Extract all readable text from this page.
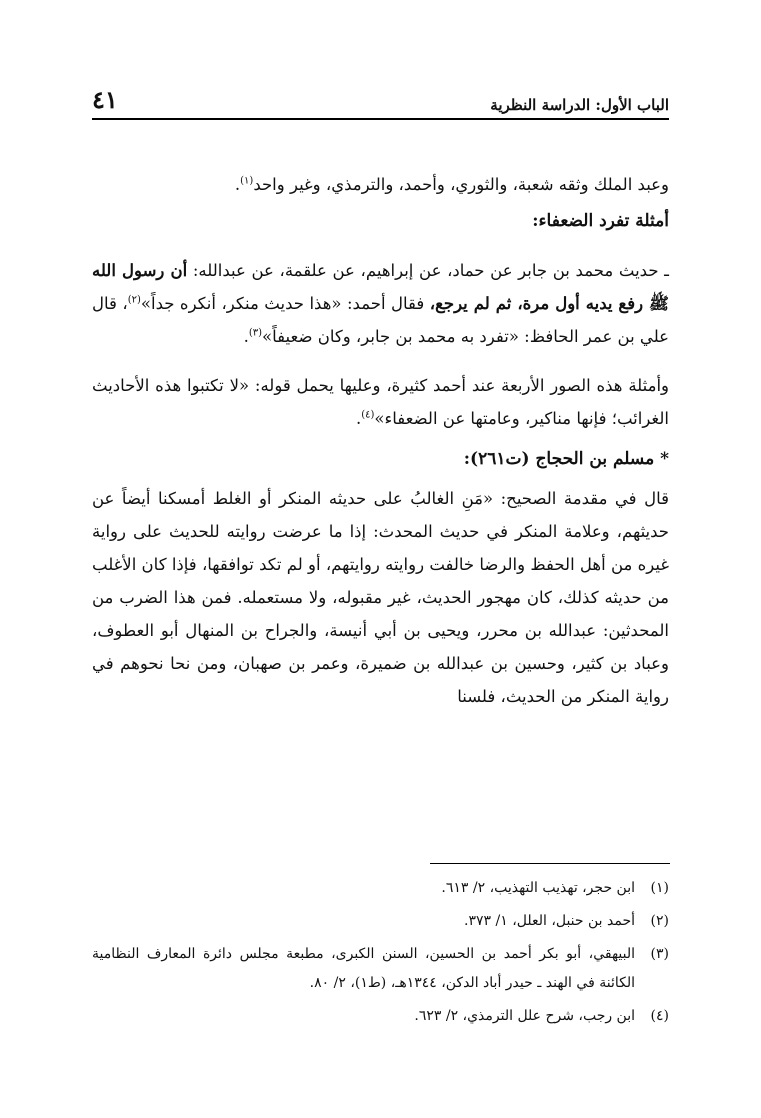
الباب الأول: الدراسة النظرية
٤١

وعبد الملك وثقه شعبة، والثوري، وأحمد، والترمذي، وغير واحد$^{(١)}$.

أمثلة تفرد الضعفاء:

ـ حديث محمد بن جابر عن حماد، عن إبراهيم، عن علقمة، عن عبدالله: أن رسول الله ﷺ رفع يديه أول مرة، ثم لم يرجع، فقال أحمد: «هذا حديث منكر، أنكره جداً»$^{(٢)}$، قال علي بن عمر الحافظ: «تفرد به محمد بن جابر، وكان ضعيفاً»$^{(٣)}$.

وأمثلة هذه الصور الأربعة عند أحمد كثيرة، وعليها يحمل قوله: «لا تكتبوا هذه الأحاديث الغرائب؛ فإنها مناكير، وعامتها عن الضعفاء»$^{(٤)}$.

* مسلم بن الحجاج (ت٢٦١):

قال في مقدمة الصحيح: «مَنِ الغالبُ على حديثه المنكر أو الغلط أمسكنا أيضاً عن حديثهم، وعلامة المنكر في حديث المحدث: إذا ما عرضت روايته للحديث على رواية غيره من أهل الحفظ والرضا خالفت روايته روايتهم، أو لم تكد توافقها، فإذا كان الأغلب من حديثه كذلك، كان مهجور الحديث، غير مقبوله، ولا مستعمله. فمن هذا الضرب من المحدثين: عبدالله بن محرر، ويحيى بن أبي أنيسة، والجراح بن المنهال أبو العطوف، وعباد بن كثير، وحسين بن عبدالله بن ضميرة، وعمر بن صهبان، ومن نحا نحوهم في رواية المنكر من الحديث، فلسنا

(١)
ابن حجر، تهذيب التهذيب، ٢/ ٦١٣.
(٢)
أحمد بن حنبل، العلل، ١/ ٣٧٣.
(٣)
البيهقي، أبو بكر أحمد بن الحسين، السنن الكبرى، مطبعة مجلس دائرة المعارف النظامية الكائنة في الهند ـ حيدر أباد الدكن، ١٣٤٤هـ، (ط١)، ٢/ ٨٠.
(٤)
ابن رجب، شرح علل الترمذي، ٢/ ٦٢٣.
